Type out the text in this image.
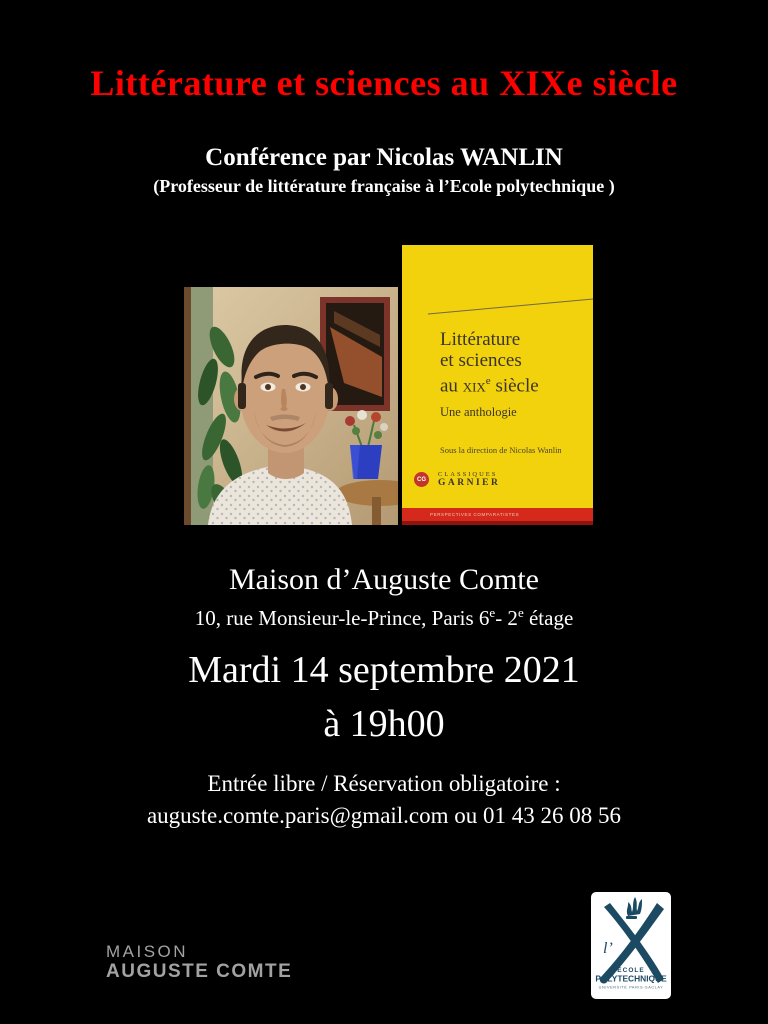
Littérature et sciences au XIXe siècle
Conférence par Nicolas WANLIN
(Professeur de littérature française à l’Ecole polytechnique )
Littérature
et sciences
au xix$^e$ siècle
Une anthologie
Sous la direction de Nicolas Wanlin
CG
CLASSIQUES
GARNIER
PERSPECTIVES COMPARATISTES
Maison d’Auguste Comte
10, rue Monsieur-le-Prince, Paris 6e- 2e étage
Mardi 14 septembre 2021
à 19h00
Entrée libre / Réservation obligatoire :
auguste.comte.paris@gmail.com ou 01 43 26 08 56
MAISON
AUGUSTE COMTE
l’
ÉCOLE
POLYTECHNIQUE
UNIVERSITÉ PARIS-SACLAY
